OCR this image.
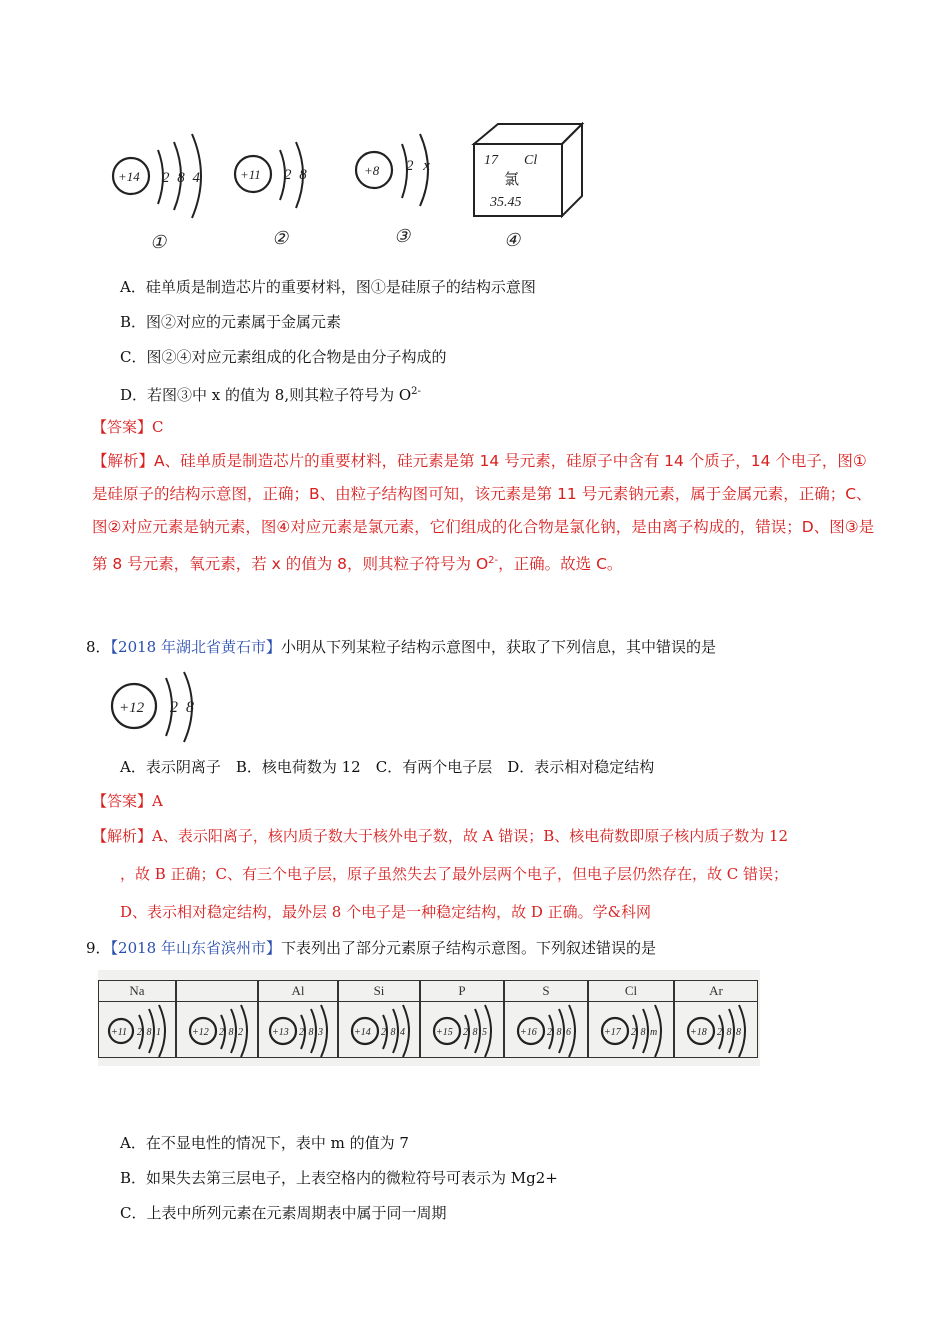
+14 2 8 4
①
+11 2 8
②
+8 2 x
③
17 Cl
氯
35.45
④
A．硅单质是制造芯片的重要材料，图①是硅原子的结构示意图
B．图②对应的元素属于金属元素
C．图②④对应元素组成的化合物是由分子构成的
D．若图③中 x 的值为 8,则其粒子符号为 $O^{2-}$
【答案】C
【解析】A、硅单质是制造芯片的重要材料，硅元素是第 14 号元素，硅原子中含有 14 个质子，14 个电子，图①是硅原子的结构示意图，正确；B、由粒子结构图可知，该元素是第 11 号元素钠元素，属于金属元素，正确；C、图②对应元素是钠元素，图④对应元素是氯元素，它们组成的化合物是氯化钠，是由离子构成的，错误；D、图③是第 8 号元素，氧元素，若 x 的值为 8，则其粒子符号为 $O^{2-}$，正确。故选 C。
8．【2018 年湖北省黄石市】小明从下列某粒子结构示意图中，获取了下列信息，其中错误的是
+12 2 8
A．表示阴离子　B．核电荷数为 12　C．有两个电子层　D．表示相对稳定结构
【答案】A
【解析】A、表示阳离子，核内质子数大于核外电子数，故 A 错误；B、核电荷数即原子核内质子数为 12
，故 B 正确；C、有三个电子层，原子虽然失去了最外层两个电子，但电子层仍然存在，故 C 错误；
D、表示相对稳定结构，最外层 8 个电子是一种稳定结构，故 D 正确。学&科网
9．【2018 年山东省滨州市】下表列出了部分元素原子结构示意图。下列叙述错误的是
Na
+11 2 8 1	+12 2 8 2
Al
+13 2 8 3
Si
+14 2 8 4
P
+15 2 8 5
S
+16 2 8 6
Cl
+17 2 8 m
Ar
+18 2 8 8
A．在不显电性的情况下，表中 m 的值为 7
B．如果失去第三层电子，上表空格内的微粒符号可表示为 Mg2+
C．上表中所列元素在元素周期表中属于同一周期
